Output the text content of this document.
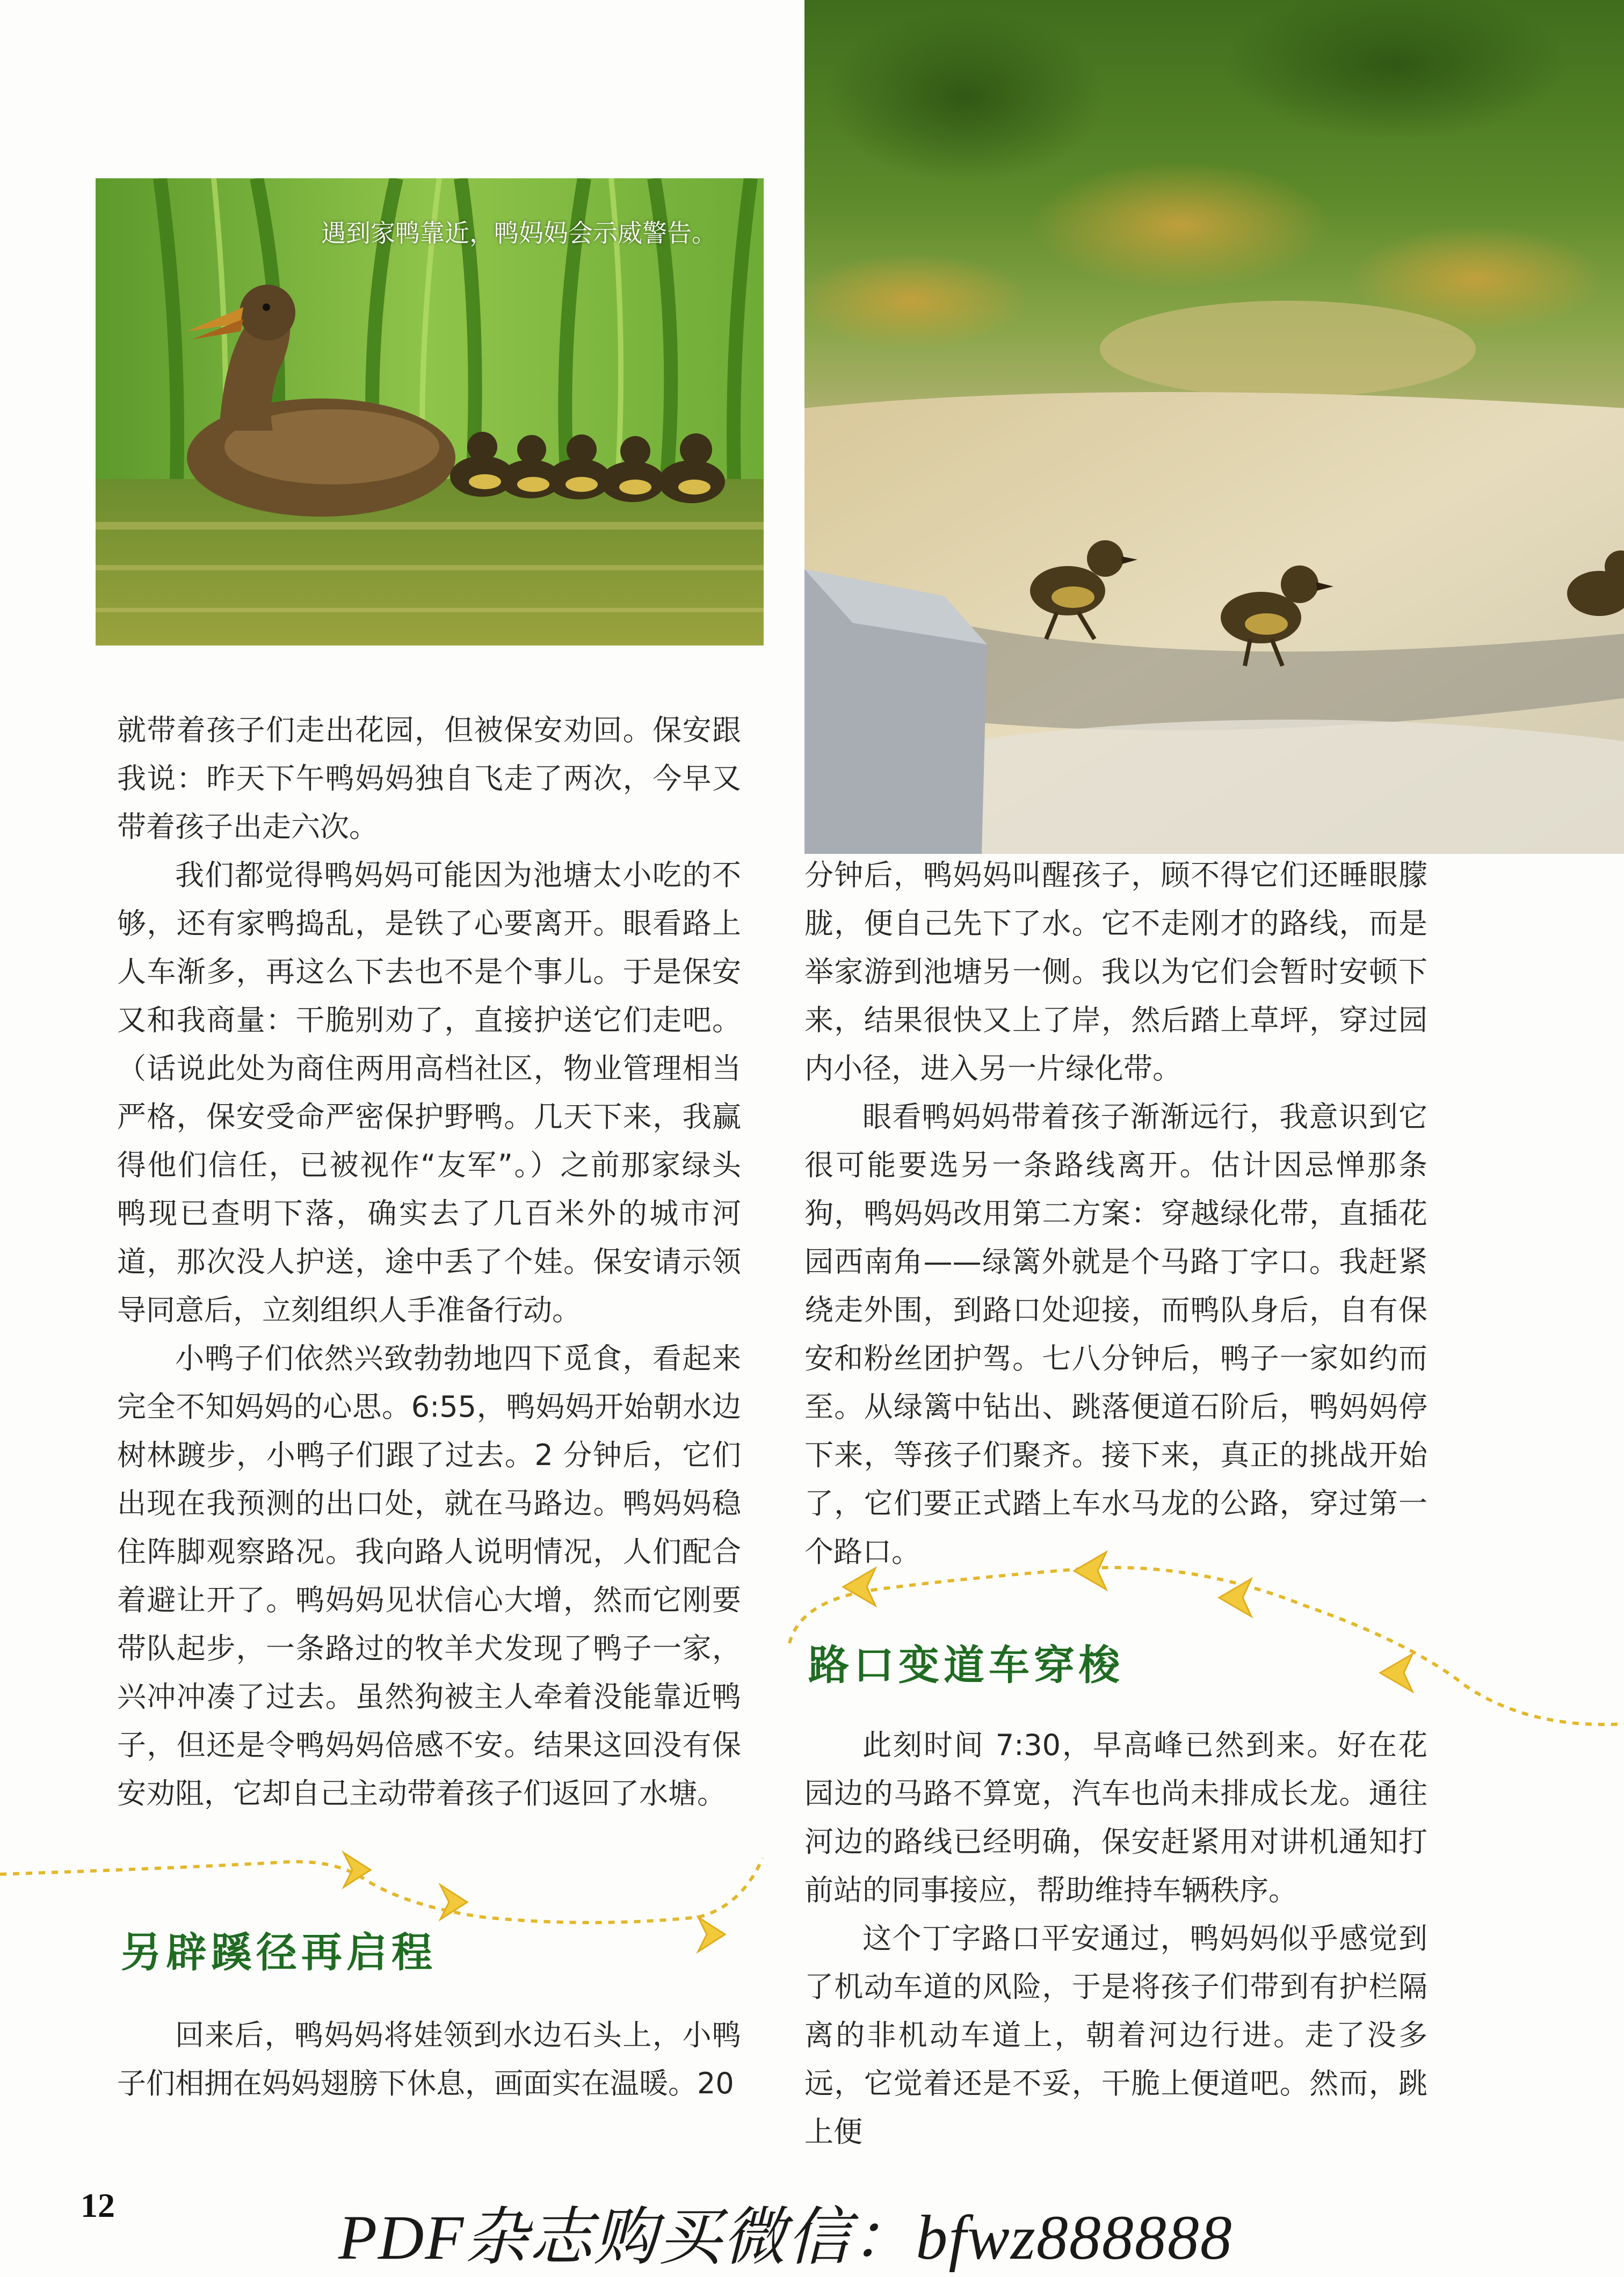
遇到家鸭靠近，鸭妈妈会示威警告。

就带着孩子们走出花园，但被保安劝回。保安跟我说：昨天下午鸭妈妈独自飞走了两次，今早又带着孩子出走六次。

我们都觉得鸭妈妈可能因为池塘太小吃的不够，还有家鸭捣乱，是铁了心要离开。眼看路上人车渐多，再这么下去也不是个事儿。于是保安又和我商量：干脆别劝了，直接护送它们走吧。（话说此处为商住两用高档社区，物业管理相当严格，保安受命严密保护野鸭。几天下来，我赢得他们信任，已被视作“友军”。）之前那家绿头鸭现已查明下落，确实去了几百米外的城市河道，那次没人护送，途中丢了个娃。保安请示领导同意后，立刻组织人手准备行动。

小鸭子们依然兴致勃勃地四下觅食，看起来完全不知妈妈的心思。6:55，鸭妈妈开始朝水边树林踱步，小鸭子们跟了过去。2 分钟后，它们出现在我预测的出口处，就在马路边。鸭妈妈稳住阵脚观察路况。我向路人说明情况，人们配合着避让开了。鸭妈妈见状信心大增，然而它刚要带队起步，一条路过的牧羊犬发现了鸭子一家，兴冲冲凑了过去。虽然狗被主人牵着没能靠近鸭子，但还是令鸭妈妈倍感不安。结果这回没有保安劝阻，它却自己主动带着孩子们返回了水塘。

另辟蹊径再启程

回来后，鸭妈妈将娃领到水边石头上，小鸭子们相拥在妈妈翅膀下休息，画面实在温暖。20

分钟后，鸭妈妈叫醒孩子，顾不得它们还睡眼朦胧，便自己先下了水。它不走刚才的路线，而是举家游到池塘另一侧。我以为它们会暂时安顿下来，结果很快又上了岸，然后踏上草坪，穿过园内小径，进入另一片绿化带。

眼看鸭妈妈带着孩子渐渐远行，我意识到它很可能要选另一条路线离开。估计因忌惮那条狗，鸭妈妈改用第二方案：穿越绿化带，直插花园西南角——绿篱外就是个马路丁字口。我赶紧绕走外围，到路口处迎接，而鸭队身后，自有保安和粉丝团护驾。七八分钟后，鸭子一家如约而至。从绿篱中钻出、跳落便道石阶后，鸭妈妈停下来，等孩子们聚齐。接下来，真正的挑战开始了，它们要正式踏上车水马龙的公路，穿过第一个路口。

路口变道车穿梭

此刻时间 7:30，早高峰已然到来。好在花园边的马路不算宽，汽车也尚未排成长龙。通往河边的路线已经明确，保安赶紧用对讲机通知打前站的同事接应，帮助维持车辆秩序。

这个丁字路口平安通过，鸭妈妈似乎感觉到了机动车道的风险，于是将孩子们带到有护栏隔离的非机动车道上，朝着河边行进。走了没多远，它觉着还是不妥，干脆上便道吧。然而，跳上便

12	PDF杂志购买微信：bfwz888888
